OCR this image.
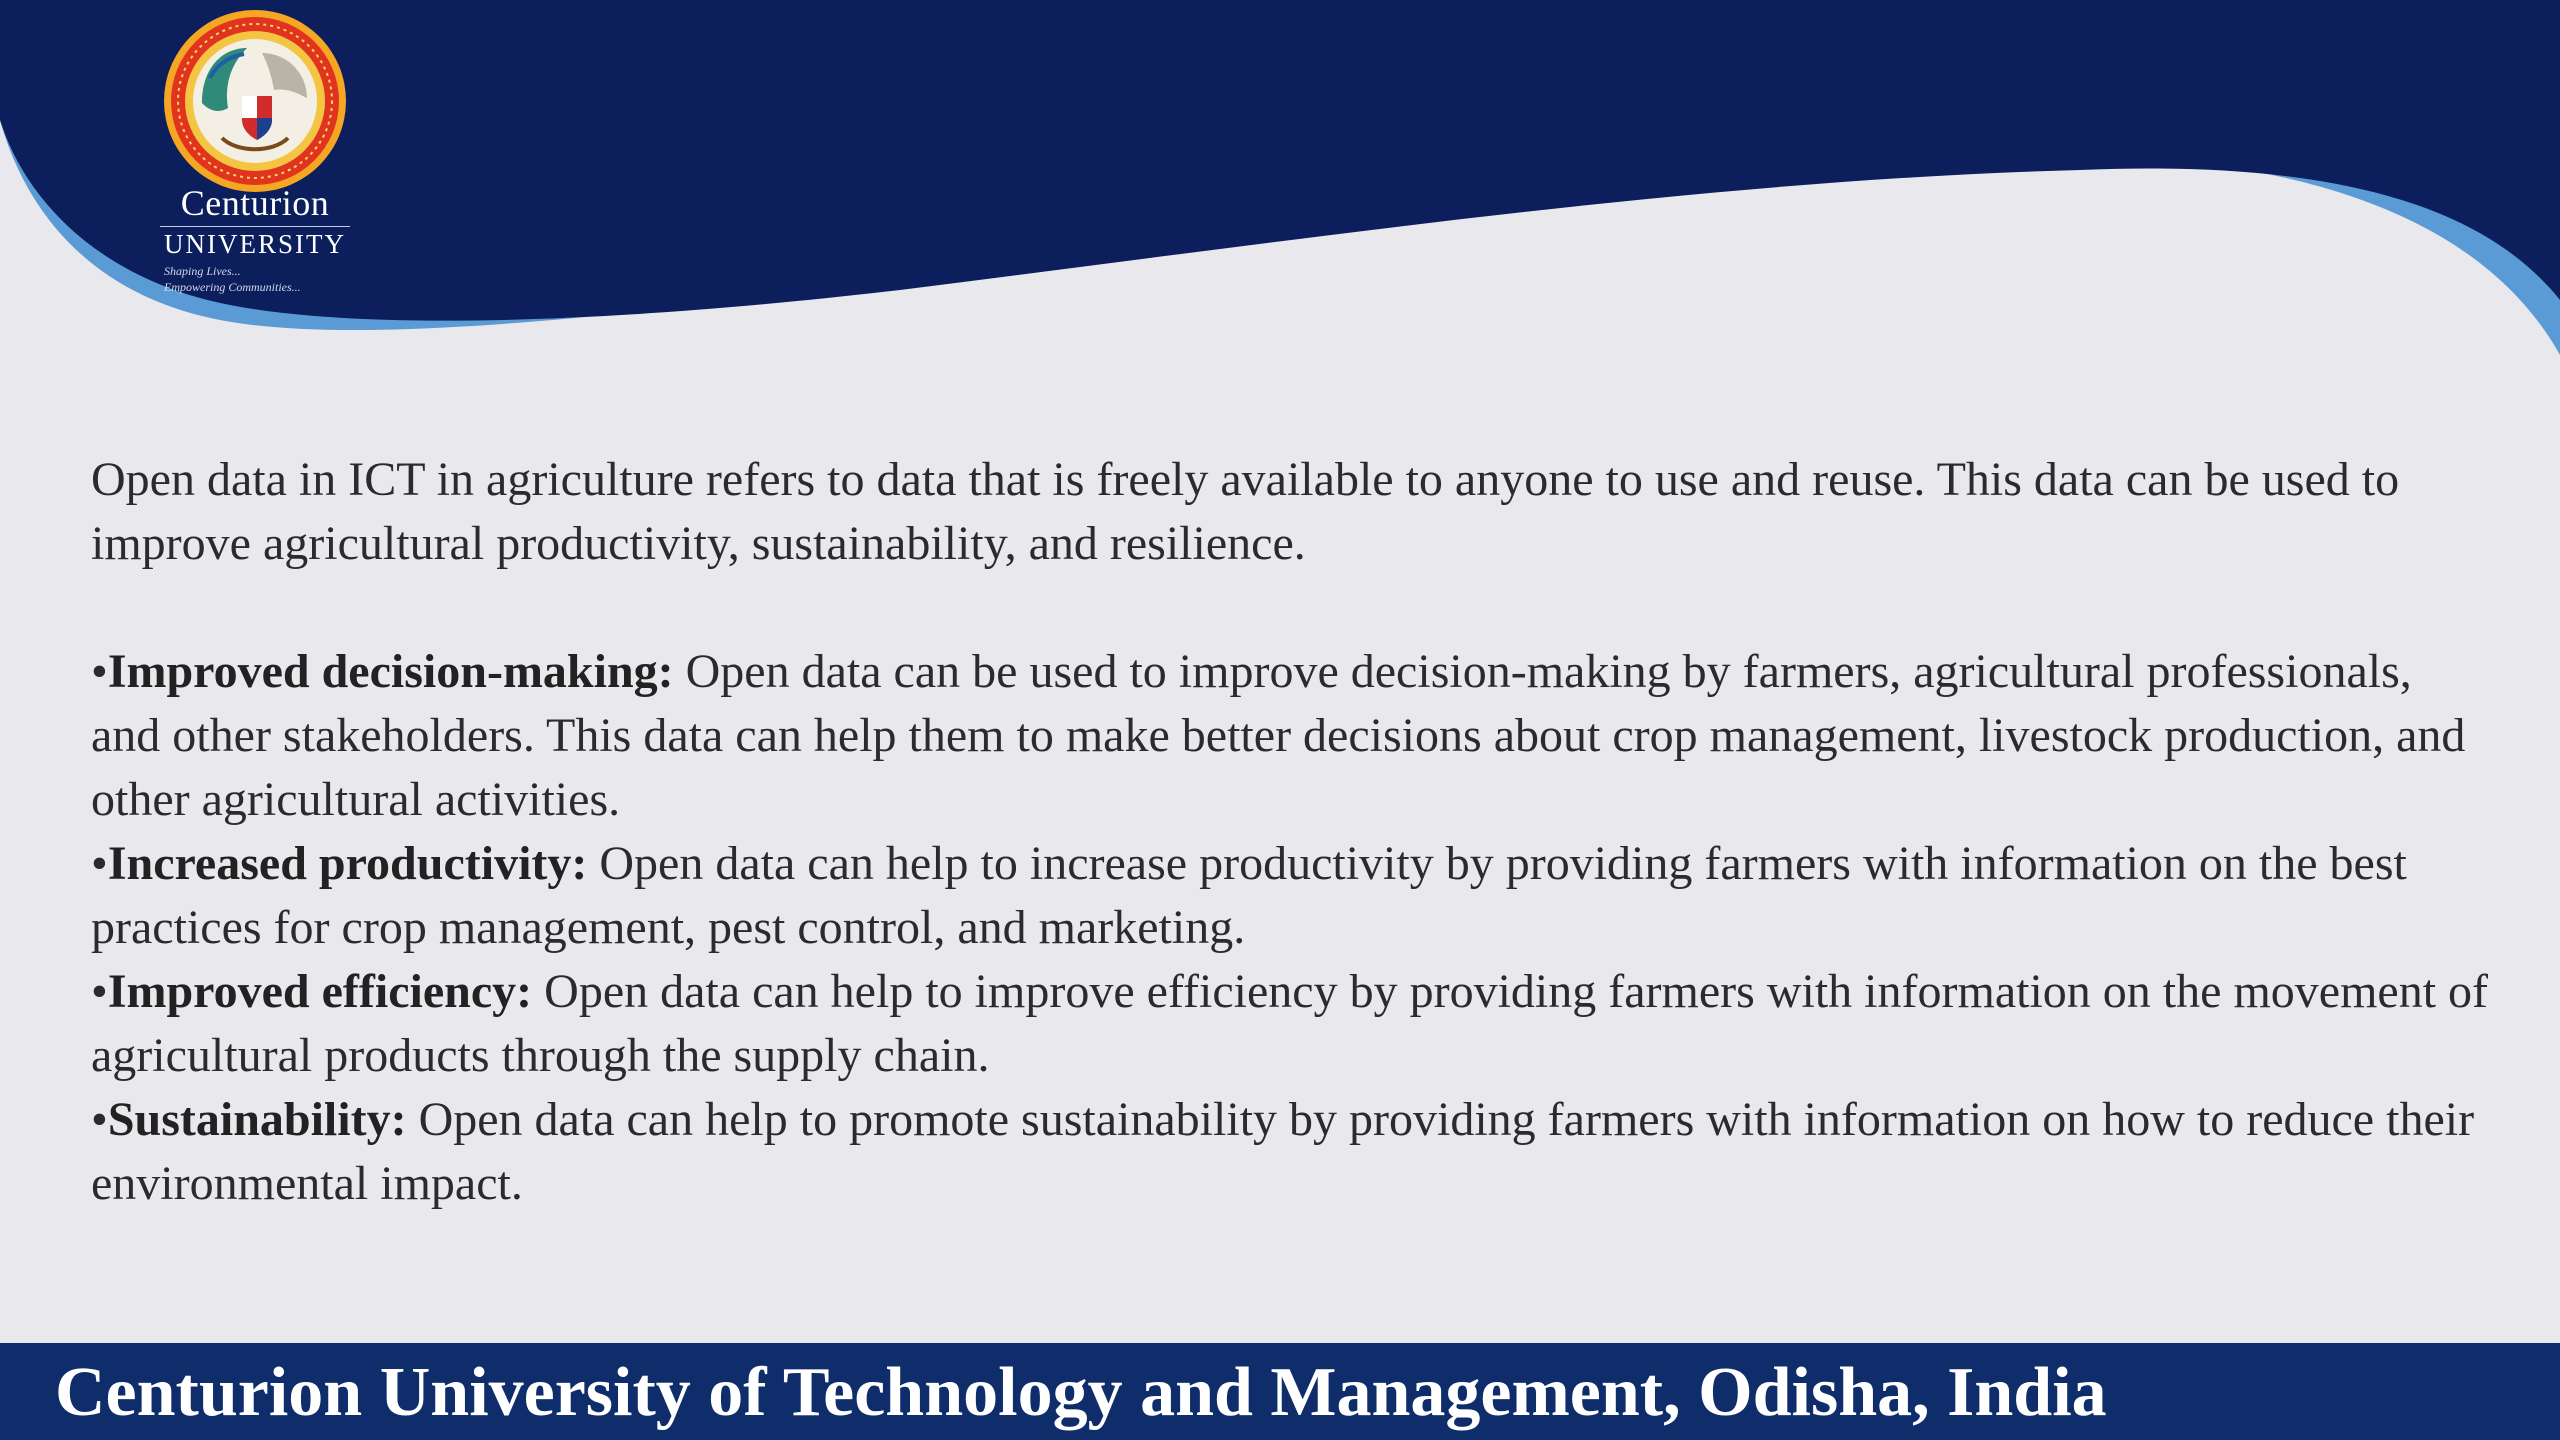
Centurion
UNIVERSITY
Shaping Lives...
Empowering Communities...

Open data in ICT in agriculture refers to data that is freely available to anyone to use and reuse. This data can be used to improve agricultural productivity, sustainability, and resilience.

•Improved decision-making: Open data can be used to improve decision-making by farmers, agricultural professionals, and other stakeholders. This data can help them to make better decisions about crop management, livestock production, and other agricultural activities.

•Increased productivity: Open data can help to increase productivity by providing farmers with information on the best practices for crop management, pest control, and marketing.

•Improved efficiency: Open data can help to improve efficiency by providing farmers with information on the movement of agricultural products through the supply chain.

•Sustainability: Open data can help to promote sustainability by providing farmers with information on how to reduce their environmental impact.

Centurion University of Technology and Management, Odisha, India
